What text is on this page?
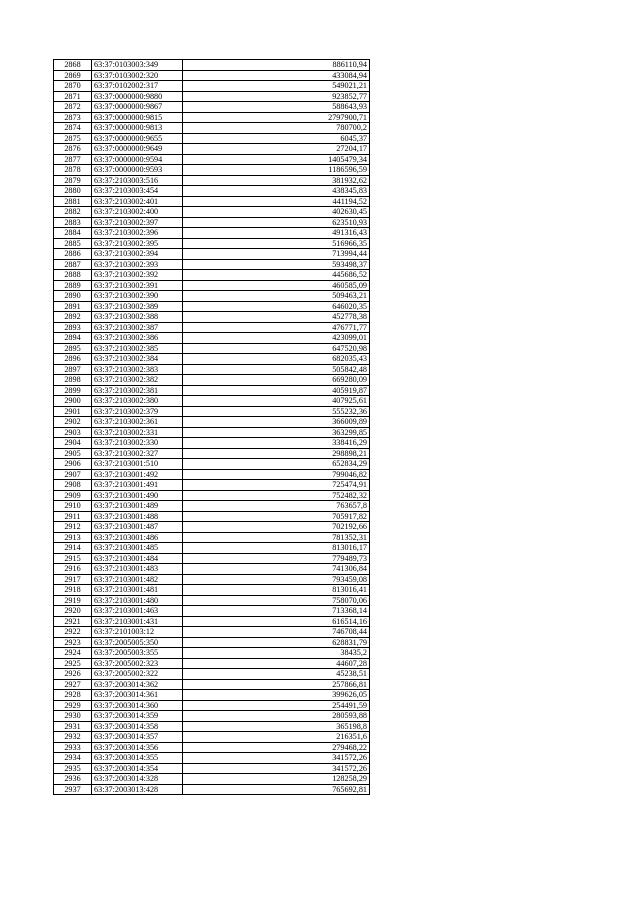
2868	63:37:0103003:349	886110,94
2869	63:37:0103002:320	433084,94
2870	63:37:0102002:317	549021,21
2871	63:37:0000000:9880	923852,77
2872	63:37:0000000:9867	588643,93
2873	63:37:0000000:9815	2797900,71
2874	63:37:0000000:9813	780700,2
2875	63:37:0000000:9655	6045,37
2876	63:37:0000000:9649	27204,17
2877	63:37:0000000:9594	1405479,34
2878	63:37:0000000:9593	1186596,59
2879	63:37:2103003:516	381932,62
2880	63:37:2103003:454	438345,83
2881	63:37:2103002:401	441194,52
2882	63:37:2103002:400	402630,45
2883	63:37:2103002:397	623510,93
2884	63:37:2103002:396	491316,43
2885	63:37:2103002:395	516966,35
2886	63:37:2103002:394	713994,44
2887	63:37:2103002:393	593498,37
2888	63:37:2103002:392	445686,52
2889	63:37:2103002:391	460585,09
2890	63:37:2103002:390	509463,21
2891	63:37:2103002:389	646020,35
2892	63:37:2103002:388	452778,38
2893	63:37:2103002:387	476771,77
2894	63:37:2103002:386	423099,01
2895	63:37:2103002:385	647520,98
2896	63:37:2103002:384	682035,43
2897	63:37:2103002:383	505842,48
2898	63:37:2103002:382	669280,09
2899	63:37:2103002:381	405919,87
2900	63:37:2103002:380	407925,61
2901	63:37:2103002:379	555232,36
2902	63:37:2103002:361	366009,89
2903	63:37:2103002:331	363299,85
2904	63:37:2103002:330	338416,29
2905	63:37:2103002:327	298898,21
2906	63:37:2103001:510	652834,29
2907	63:37:2103001:492	799046,82
2908	63:37:2103001:491	725474,91
2909	63:37:2103001:490	752482,32
2910	63:37:2103001:489	763657,8
2911	63:37:2103001:488	705917,82
2912	63:37:2103001:487	702192,66
2913	63:37:2103001:486	781352,31
2914	63:37:2103001:485	813016,17
2915	63:37:2103001:484	779489,73
2916	63:37:2103001:483	741306,84
2917	63:37:2103001:482	793459,08
2918	63:37:2103001:481	813016,41
2919	63:37:2103001:480	758070,06
2920	63:37:2103001:463	713368,14
2921	63:37:2103001:431	616514,16
2922	63:37:2101003:12	746708,44
2923	63:37:2005005:350	628831,79
2924	63:37:2005003:355	38435,2
2925	63:37:2005002:323	44607,28
2926	63:37:2005002:322	45238,51
2927	63:37:2003014:362	257866,81
2928	63:37:2003014:361	399626,05
2929	63:37:2003014:360	254491,59
2930	63:37:2003014:359	280593,88
2931	63:37:2003014:358	365198,8
2932	63:37:2003014:357	216351,6
2933	63:37:2003014:356	279468,22
2934	63:37:2003014:355	341572,26
2935	63:37:2003014:354	341572,26
2936	63:37:2003014:328	128258,29
2937	63:37:2003013:428	765692,81
